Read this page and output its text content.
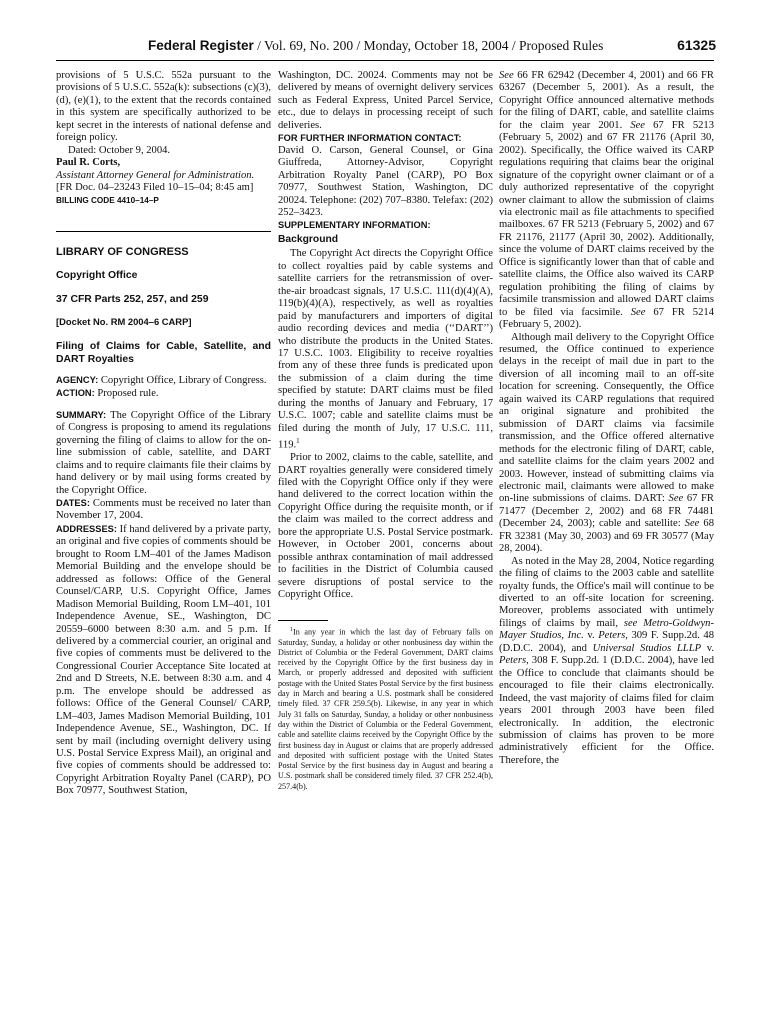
Federal Register / Vol. 69, No. 200 / Monday, October 18, 2004 / Proposed Rules	61325

provisions of 5 U.S.C. 552a pursuant to the provisions of 5 U.S.C. 552a(k): subsections (c)(3), (d), (e)(1), to the extent that the records contained in this system are specifically authorized to be kept secret in the interests of national defense and foreign policy.

Dated: October 9, 2004.

Paul R. Corts,

Assistant Attorney General for Administration.

[FR Doc. 04–23243 Filed 10–15–04; 8:45 am]

BILLING CODE 4410–14–P

LIBRARY OF CONGRESS

Copyright Office

37 CFR Parts 252, 257, and 259

[Docket No. RM 2004–6 CARP]

Filing of Claims for Cable, Satellite, and DART Royalties

AGENCY: Copyright Office, Library of Congress.

ACTION: Proposed rule.

SUMMARY: The Copyright Office of the Library of Congress is proposing to amend its regulations governing the filing of claims to allow for the on-line submission of cable, satellite, and DART claims and to require claimants file their claims by hand delivery or by mail using forms created by the Copyright Office.

DATES: Comments must be received no later than November 17, 2004.

ADDRESSES: If hand delivered by a private party, an original and five copies of comments should be brought to Room LM–401 of the James Madison Memorial Building and the envelope should be addressed as follows: Office of the General Counsel/CARP, U.S. Copyright Office, James Madison Memorial Building, Room LM–401, 101 Independence Avenue, SE., Washington, DC 20559–6000 between 8:30 a.m. and 5 p.m. If delivered by a commercial courier, an original and five copies of comments must be delivered to the Congressional Courier Acceptance Site located at 2nd and D Streets, N.E. between 8:30 a.m. and 4 p.m. The envelope should be addressed as follows: Office of the General Counsel/ CARP, LM–403, James Madison Memorial Building, 101 Independence Avenue, SE., Washington, DC. If sent by mail (including overnight delivery using U.S. Postal Service Express Mail), an original and five copies of comments should be addressed to: Copyright Arbitration Royalty Panel (CARP), PO Box 70977, Southwest Station,

Washington, DC. 20024. Comments may not be delivered by means of overnight delivery services such as Federal Express, United Parcel Service, etc., due to delays in processing receipt of such deliveries.

FOR FURTHER INFORMATION CONTACT:

David O. Carson, General Counsel, or Gina Giuffreda, Attorney-Advisor, Copyright Arbitration Royalty Panel (CARP), PO Box 70977, Southwest Station, Washington, DC 20024. Telephone: (202) 707–8380. Telefax: (202) 252–3423.

SUPPLEMENTARY INFORMATION:

Background

The Copyright Act directs the Copyright Office to collect royalties paid by cable systems and satellite carriers for the retransmission of over-the-air broadcast signals, 17 U.S.C. 111(d)(4)(A), 119(b)(4)(A), respectively, as well as royalties paid by manufacturers and importers of digital audio recording devices and media (‘‘DART’’) who distribute the products in the United States. 17 U.S.C. 1003. Eligibility to receive royalties from any of these three funds is predicated upon the submission of a claim during the time specified by statute: DART claims must be filed during the months of January and February, 17 U.S.C. 1007; cable and satellite claims must be filed during the month of July, 17 U.S.C. 111, 119.$^1$

Prior to 2002, claims to the cable, satellite, and DART royalties generally were considered timely filed with the Copyright Office only if they were hand delivered to the correct location within the Copyright Office during the requisite month, or if the claim was mailed to the correct address and bore the appropriate U.S. Postal Service postmark. However, in October 2001, concerns about possible anthrax contamination of mail addressed to facilities in the District of Columbia caused severe disruptions of postal service to the Copyright Office.

$^1$In any year in which the last day of February falls on Saturday, Sunday, a holiday or other nonbusiness day within the District of Columbia or the Federal Government, DART claims received by the Copyright Office by the first business day in March, or properly addressed and deposited with sufficient postage with the United States Postal Service by the first business day in March and bearing a U.S. postmark shall be considered timely filed. 37 CFR 259.5(b). Likewise, in any year in which July 31 falls on Saturday, Sunday, a holiday or other nonbusiness day within the District of Columbia or the Federal Government, cable and satellite claims received by the Copyright Office by the first business day in August or claims that are properly addressed and deposited with sufficient postage with the United States Postal Service by the first business day in August and bearing a U.S. postmark shall be considered timely filed. 37 CFR 252.4(b), 257.4(b).

See 66 FR 62942 (December 4, 2001) and 66 FR 63267 (December 5, 2001). As a result, the Copyright Office announced alternative methods for the filing of DART, cable, and satellite claims for the claim year 2001. See 67 FR 5213 (February 5, 2002) and 67 FR 21176 (April 30, 2002). Specifically, the Office waived its CARP regulations requiring that claims bear the original signature of the copyright owner claimant or of a duly authorized representative of the copyright owner claimant to allow the submission of claims via electronic mail as file attachments to specified mailboxes. 67 FR 5213 (February 5, 2002) and 67 FR 21176, 21177 (April 30, 2002). Additionally, since the volume of DART claims received by the Office is significantly lower than that of cable and satellite claims, the Office also waived its CARP regulation prohibiting the filing of claims by facsimile transmission and allowed DART claims to be filed via facsimile. See 67 FR 5214 (February 5, 2002).

Although mail delivery to the Copyright Office resumed, the Office continued to experience delays in the receipt of mail due in part to the diversion of all incoming mail to an off-site location for screening. Consequently, the Office again waived its CARP regulations that required an original signature and prohibited the submission of DART claims via facsimile transmission, and the Office offered alternative methods for the electronic filing of DART, cable, and satellite claims for the claim years 2002 and 2003. However, instead of submitting claims via electronic mail, claimants were allowed to make on-line submissions of claims. DART: See 67 FR 71477 (December 2, 2002) and 68 FR 74481 (December 24, 2003); cable and satellite: See 68 FR 32381 (May 30, 2003) and 69 FR 30577 (May 28, 2004).

As noted in the May 28, 2004, Notice regarding the filing of claims to the 2003 cable and satellite royalty funds, the Office's mail will continue to be diverted to an off-site location for screening. Moreover, problems associated with untimely filings of claims by mail, see Metro-Goldwyn-Mayer Studios, Inc. v. Peters, 309 F. Supp.2d. 48 (D.D.C. 2004), and Universal Studios LLLP v. Peters, 308 F. Supp.2d. 1 (D.D.C. 2004), have led the Office to conclude that claimants should be encouraged to file their claims electronically. Indeed, the vast majority of claims filed for claim years 2001 through 2003 have been filed electronically. In addition, the electronic submission of claims has proven to be more administratively efficient for the Office. Therefore, the
